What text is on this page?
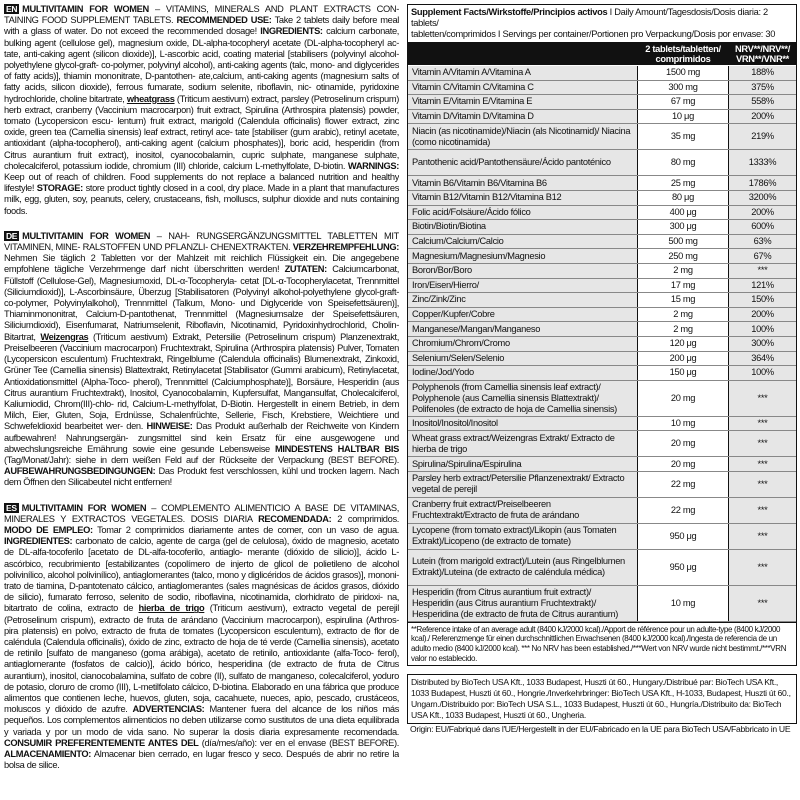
EN MULTIVITAMIN FOR WOMEN – VITAMINS, MINERALS AND PLANT EXTRACTS CON- TAINING FOOD SUPPLEMENT TABLETS. RECOMMENDED USE: Take 2 tablets daily before meal with a glass of water. Do not exceed the recommended dosage! INGREDIENTS: calcium carbonate, bulking agent (cellulose gel), magnesium oxide, DL-alpha-tocopheryl acetate (DL-alpha-tocopheryl ac- tate, anti-caking agent (silicon dioxide)], L-ascorbic acid, coating material [stabilisers (polyvinyl alcohol-polyethylene glycol-graft- co-polymer, polyvinyl alcohol), anti-caking agents (talc, mono- and diglycerides of fatty acids)], thiamin mononitrate, D-pantothen- ate,calcium, anti-caking agents (magnesium salts of fatty acids, silicon dioxide), ferrous fumarate, sodium selenite, riboflavin, nic- otinamide, pyridoxine hydrochloride, choline bitartrate, wheatgrass (Triticum aestivum) extract, parsley (Petroselinum crispum) herb extract, cranberry (Vaccinium macrocarpon) fruit extract, Spirulina (Arthrospira platensis) powder, tomato (Lycopersicon escu- lentum) fruit extract, marigold (Calendula officinalis) flower extract, zinc oxide, green tea (Camellia sinensis) leaf extract, retinyl ace- tate [stabiliser (gum arabic), retinyl acetate, antioxidant (alpha-tocopherol), anti-caking agent (calcium phosphates)], boric acid, hesperidin (from Citrus aurantium fruit extract), inositol, cyanocobalamin, cupric sulphate, manganese sulphate, cholecalciferol, potassium iodide, chromium (III) chloride, calcium L-methylfolate, D-biotin. WARNINGS: Keep out of reach of children. Food supplements do not replace a balanced nutrition and healthy lifestyle! STORAGE: store product tightly closed in a cool, dry place. Made in a plant that manufactures milk, egg, gluten, soy, peanuts, celery, crustaceans, fish, molluscs, sulphur dioxide and nuts containing foods.
DE MULTIVITAMIN FOR WOMEN – NAH- RUNGSERGÄNZUNGSMITTEL TABLETTEN MIT VITAMINEN, MINE- RALSTOFFEN UND PFLANZLI- CHENEXTRAKTEN. VERZEHREMPFEHLUNG: Nehmen Sie täglich 2 Tabletten vor der Mahlzeit mit reichlich Flüssigkeit ein. Die angegebene empfohlene tägliche Verzehrmenge darf nicht überschritten werden! ZUTATEN: Calciumcarbonat, Füllstoff (Cellulose-Gel), Magnesiumoxid, DL-α-Tocopheryla- cetat [DL-α-Tocopherylacetat, Trennmittel (Siliciumdioxid)], L-Ascorbinsäure, Überzug [Stabilisatoren (Polyvinyl alkohol-polyethylene glycol-graft-co-polymer, Polyvinylalkohol), Trennmittel (Talkum, Mono- und Diglyceride von Speisefettsäuren)], Thiaminmononitrat, Calcium-D-pantothenat, Trennmittel (Magnesiumsalze der Speisefettsäuren, Siliciumdioxid), Eisenfumarat, Natriumselenit, Riboflavin, Nicotinamid, Pyridoxinhydrochlorid, Cholin-Bitartrat, Weizengras (Triticum aestivum) Extrakt, Petersilie (Petroselinum crispum) Planzenextrakt, Preiselbeeren (Vaccinium macrocarpon) Fruchtextrakt, Spirulina (Arthrospira platensis) Pulver, Tomaten (Lycopersicon esculentum) Fruchtextrakt, Ringelblume (Calendula officinalis) Blumenextrakt, Zinkoxid, Grüner Tee (Camellia sinensis) Blattextrakt, Retinylacetat [Stabilisator (Gummi arabicum), Retinylacetat, Antioxidationsmittel (Alpha-Toco- pherol), Trennmittel (Calciumphosphate)], Borsäure, Hesperidin (aus Citrus aurantium Fruchtextrakt), Inositol, Cyanocobalamin, Kupfersulfat, Mangansulfat, Cholecalciferol, Kaliumiodid, Chrom(III)-chlo- rid, Calcium-L-methylfolat, D-Biotin. Hergestellt in einem Betrieb, in dem Milch, Eier, Gluten, Soja, Erdnüsse, Schalenfrüchte, Sellerie, Fisch, Krebstiere, Weichtiere und Schwefeldioxid bearbeitet wer- den. HINWEISE: Das Produkt außerhalb der Reichweite von Kindern aufbewahren! Nahrungsergän- zungsmittel sind kein Ersatz für eine ausgewogene und abwechslungsreiche Ernährung sowie eine gesunde Lebensweise MINDESTENS HALTBAR BIS (Tag/Monat/Jahr): siehe in dem weißen Feld auf der Rückseite der Verpackung (BEST BEFORE). AUFBEWAHRUNGSBEDINGUNGEN: Das Produkt fest verschlossen, kühl und trocken lagern. Nach dem Öffnen den Silicabeutel nicht entfernen!
ES MULTIVITAMIN FOR WOMEN – COMPLEMENTO ALIMENTICIO A BASE DE VITAMINAS, MINERALES Y EXTRACTOS VEGETALES. DOSIS DIARIA RECOMENDADA: 2 comprimidos. MODO DE EMPLEO: Tomar 2 comprimidos diariamente antes de comer, con un vaso de agua. INGREDIENTES: carbonato de calcio, agente de carga (gel de celulosa), óxido de magnesio, acetato de DL-alfa-tocoferilo [acetato de DL-alfa-tocoferilo, antiaglo- merante (dióxido de silicio)], ácido L-ascórbico, recubrimiento [estabilizantes (copolímero de injerto de glicol de polietileno de alcohol polivinílico, alcohol polivinílico), antiaglomerantes (talco, mono y diglicéridos de ácidos grasos)], mononi- trato de tiamina, D-pantotenato cálcico, antiaglomerantes (sales magnésicas de ácidos grasos, dióxido de silicio), fumarato ferroso, selenito de sodio, riboflavina, nicotinamida, clorhidrato de piridoxi- na, bitartrato de colina, extracto de hierba de trigo (Triticum aestivum), extracto vegetal de perejil (Petroselinum crispum), extracto de fruta de arándano (Vaccinium macrocarpon), espirulina (Arthros- pira platensis) en polvo, extracto de fruta de tomates (Lycopersicon esculentum), extracto de flor de caléndula (Calendula officinalis), óxido de zinc, extracto de hoja de té verde (Camellia sinensis), acetato de retinilo [sulfato de manganeso (goma arábiga), acetato de retinilo, antioxidante (alfa-Toco- ferol), antiaglomerante (fosfatos de calcio)], ácido bórico, hesperidina (de extracto de fruta de Citrus aurantium), inositol, cianocobalamina, sulfato de cobre (II), sulfato de manganeso, colecalciferol, yoduro de potasio, cloruro de cromo (III), L-metilfolato cálcico, D-biotina. Elaborado en una fábrica que produce alimentos que contienen leche, huevos, gluten, soja, cacahuete, nueces, apio, pescado, crustáceos, moluscos y dióxido de azufre. ADVERTENCIAS: Mantener fuera del alcance de los niños más pequeños. Los complementos alimenticios no deben utilizarse como sustitutos de una dieta equilibrada y variada y por un modo de vida sano. No superar la dosis diaria expresamente recomendada. CONSUMIR PREFERENTEMENTE ANTES DEL (día/mes/año): ver en el envase (BEST BEFORE). ALMACENAMIENTO: Almacenar bien cerrado, en lugar fresco y seco. Después de abrir no retire la bolsa de silice.
Supplement Facts/Wirkstoffe/Principios activos I Daily Amount/Tagesdosis/Dosis diaria: 2 tablets/
tabletten/comprimidos I Servings per container/Portionen pro Verpackung/Dosis por envase: 30
	2 tablets/tabletten/ comprimidos	NRV**/NRV**/ VRN**/VNR**
Vitamin A/Vitamin A/Vitamina A	1500 mg	188%
Vitamin C/Vitamin C/Vitamina C	300 mg	375%
Vitamin E/Vitamin E/Vitamina E	67 mg	558%
Vitamin D/Vitamin D/Vitamina D	10 μg	200%
Niacin (as nicotinamide)/Niacin (als Nicotinamid)/ Niacina (como nicotinamida)	35 mg	219%
Pantothenic acid/Pantothensäure/Ácido pantoténico	80 mg	1333%
Vitamin B6/Vitamin B6/Vitamina B6	25 mg	1786%
Vitamin B12/Vitamin B12/Vitamina B12	80 μg	3200%
Folic acid/Folsäure/Ácido fólico	400 μg	200%
Biotin/Biotin/Biotina	300 μg	600%
Calcium/Calcium/Calcio	500 mg	63%
Magnesium/Magnesium/Magnesio	250 mg	67%
Boron/Bor/Boro	2 mg	***
Iron/Eisen/Hierro/	17 mg	121%
Zinc/Zink/Zinc	15 mg	150%
Copper/Kupfer/Cobre	2 mg	200%
Manganese/Mangan/Manganeso	2 mg	100%
Chromium/Chrom/Cromo	120 μg	300%
Selenium/Selen/Selenio	200 μg	364%
Iodine/Jod/Yodo	150 μg	100%
Polyphenols (from Camellia sinensis leaf extract)/ Polyphenole (aus Camellia sinensis Blattextrakt)/ Polifenoles (de extracto de hoja de Camellia sinensis)	20 mg	***
Inositol/Inositol/Inositol	10 mg	***
Wheat grass extract/Weizengras Extrakt/ Extracto de hierba de trigo	20 mg	***
Spirulina/Spirulina/Espirulina	20 mg	***
Parsley herb extract/Petersilie Pflanzenextrakt/ Extracto vegetal de perejil	22 mg	***
Cranberry fruit extract/Preiselbeeren Fruchtextrakt/Extracto de fruta de arándano	22 mg	***
Lycopene (from tomato extract)/Likopin (aus Tomaten Extrakt)/Licopeno (de extracto de tomate)	950 μg	***
Lutein (from marigold extract)/Lutein (aus Ringelblumen Extrakt)/Luteina (de extracto de caléndula médica)	950 μg	***
Hesperidin (from Citrus aurantium fruit extract)/ Hesperidin (aus Citrus aurantium Fruchtextrakt)/ Hesperidina (de extracto de fruta de Citrus aurantium)	10 mg	***
**Reference intake of an average adult (8400 kJ/2000 kcal)./Apport de référence pour un adulte-type (8400 kJ/2000 kcal)./ Referenzmenge für einen durchschnittlichen Erwachsenen (8400 kJ/2000 kcal)./Ingesta de referencia de un adulto medio (8400 kJ/2000 kcal). *** No NRV has been established./***Wert von NRV wurde nicht bestimmt./***VRN valor no establecido.
Distributed by BioTech USA Kft., 1033 Budapest, Huszti út 60., Hungary./Distribué par: BioTech USA Kft., 1033 Budapest, Huszti út 60., Hongrie./Inverkehrbringer: BioTech USA Kft., H-1033, Budapest, Huszti út 60., Ungarn./Distribuido por: BioTech USA S.L., 1033 Budapest, Huszti út 60., Hungría./Distribuito da: BioTech USA Kft., 1033 Budapest, Huszti út 60., Ungheria.
Origin: EU/Fabriqué dans l'UE/Hergestellt in der EU/Fabricado en la UE para BioTech USA/Fabbricato in UE
